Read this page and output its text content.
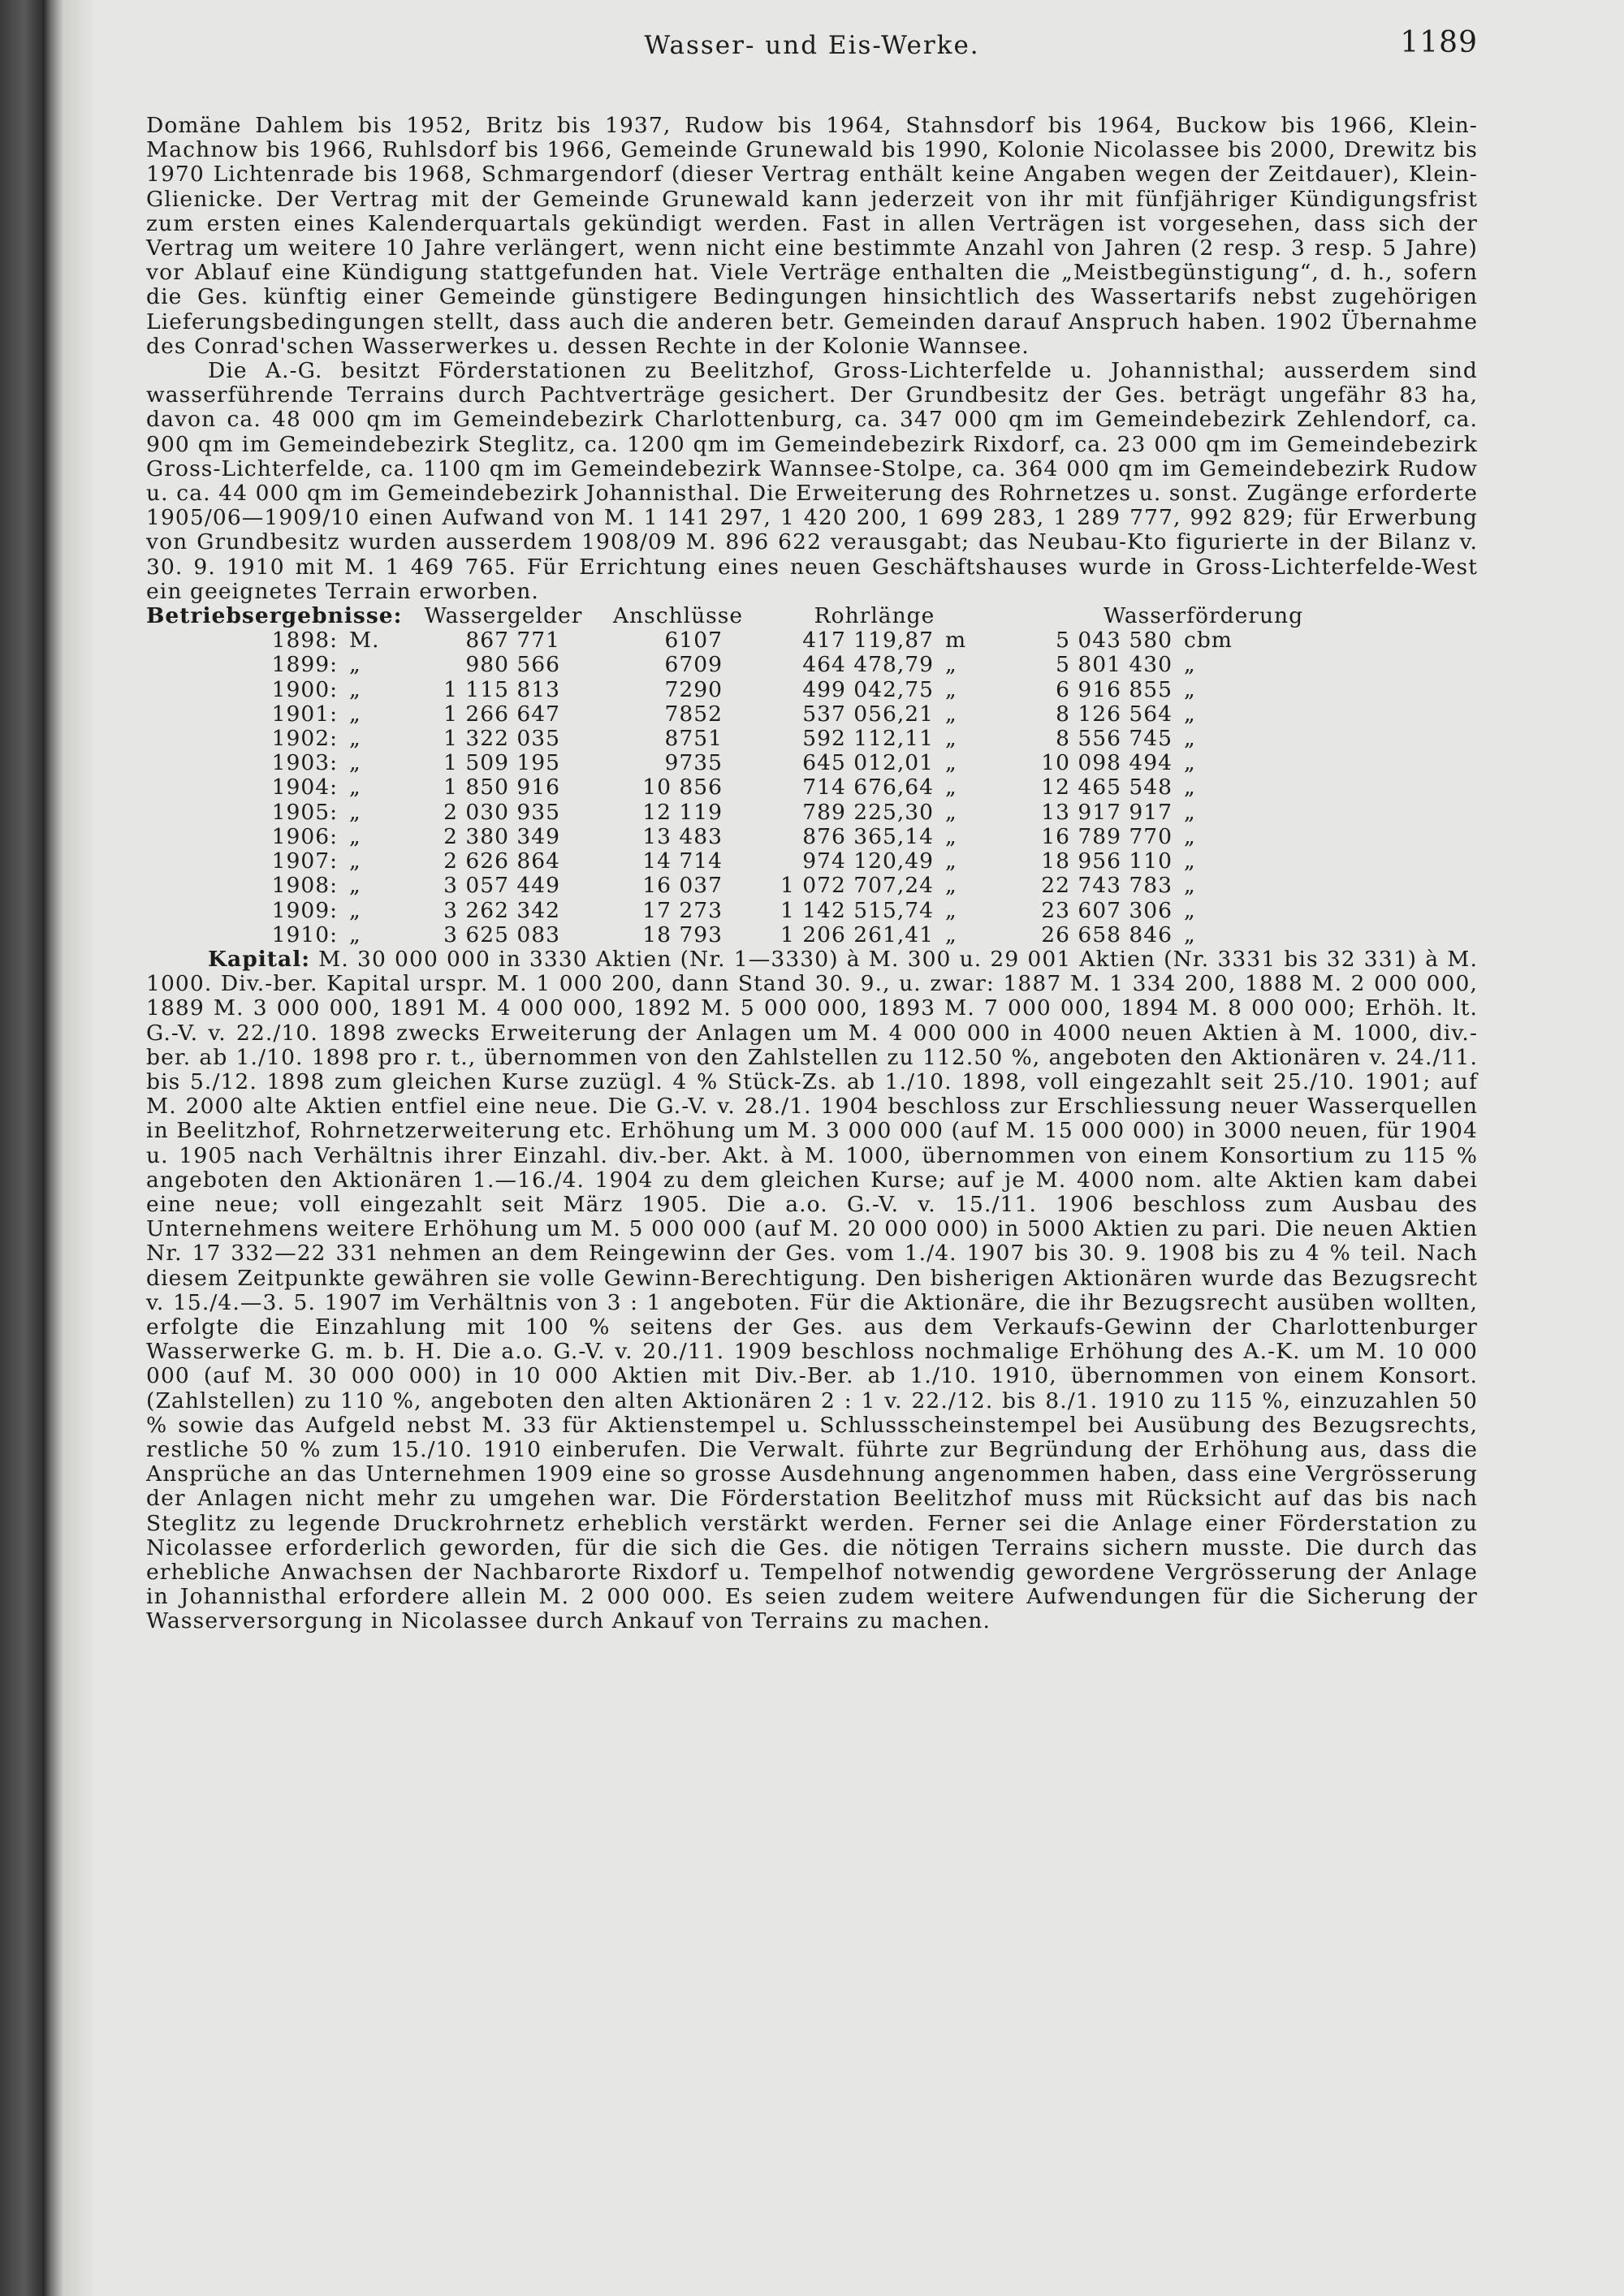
Wasser- und Eis-Werke.	1189

Domäne Dahlem bis 1952, Britz bis 1937, Rudow bis 1964, Stahnsdorf bis 1964, Buckow bis 1966, Klein-Machnow bis 1966, Ruhlsdorf bis 1966, Gemeinde Grunewald bis 1990, Kolonie Nicolassee bis 2000, Drewitz bis 1970 Lichtenrade bis 1968, Schmargendorf (dieser Vertrag enthält keine Angaben wegen der Zeitdauer), Klein-Glienicke. Der Vertrag mit der Gemeinde Grunewald kann jederzeit von ihr mit fünfjähriger Kündigungsfrist zum ersten eines Kalenderquartals gekündigt werden. Fast in allen Verträgen ist vorgesehen, dass sich der Vertrag um weitere 10 Jahre verlängert, wenn nicht eine bestimmte Anzahl von Jahren (2 resp. 3 resp. 5 Jahre) vor Ablauf eine Kündigung stattgefunden hat. Viele Verträge enthalten die „Meistbegünstigung“, d. h., sofern die Ges. künftig einer Gemeinde günstigere Bedingungen hinsichtlich des Wassertarifs nebst zugehörigen Lieferungsbedingungen stellt, dass auch die anderen betr. Gemeinden darauf Anspruch haben. 1902 Übernahme des Conrad'schen Wasserwerkes u. dessen Rechte in der Kolonie Wannsee.

Die A.-G. besitzt Förderstationen zu Beelitzhof, Gross-Lichterfelde u. Johannisthal; ausserdem sind wasserführende Terrains durch Pachtverträge gesichert. Der Grundbesitz der Ges. beträgt ungefähr 83 ha, davon ca. 48 000 qm im Gemeindebezirk Charlottenburg, ca. 347 000 qm im Gemeindebezirk Zehlendorf, ca. 900 qm im Gemeindebezirk Steglitz, ca. 1200 qm im Gemeindebezirk Rixdorf, ca. 23 000 qm im Gemeindebezirk Gross-Lichterfelde, ca. 1100 qm im Gemeindebezirk Wannsee-Stolpe, ca. 364 000 qm im Gemeindebezirk Rudow u. ca. 44 000 qm im Gemeindebezirk Johannisthal. Die Erweiterung des Rohrnetzes u. sonst. Zugänge erforderte 1905/06—1909/10 einen Aufwand von M. 1 141 297, 1 420 200, 1 699 283, 1 289 777, 992 829; für Erwerbung von Grundbesitz wurden ausserdem 1908/09 M. 896 622 verausgabt; das Neubau-Kto figurierte in der Bilanz v. 30. 9. 1910 mit M. 1 469 765. Für Errichtung eines neuen Geschäftshauses wurde in Gross-Lichterfelde-West ein geeignetes Terrain erworben.

Betriebsergebnisse:		Wassergelder	Anschlüsse	Rohrlänge		Wasserförderung	
1898:	M.	867 771	6107	417 119,87	m	5 043 580	cbm
1899:	„	980 566	6709	464 478,79	„	5 801 430	„
1900:	„	1 115 813	7290	499 042,75	„	6 916 855	„
1901:	„	1 266 647	7852	537 056,21	„	8 126 564	„
1902:	„	1 322 035	8751	592 112,11	„	8 556 745	„
1903:	„	1 509 195	9735	645 012,01	„	10 098 494	„
1904:	„	1 850 916	10 856	714 676,64	„	12 465 548	„
1905:	„	2 030 935	12 119	789 225,30	„	13 917 917	„
1906:	„	2 380 349	13 483	876 365,14	„	16 789 770	„
1907:	„	2 626 864	14 714	974 120,49	„	18 956 110	„
1908:	„	3 057 449	16 037	1 072 707,24	„	22 743 783	„
1909:	„	3 262 342	17 273	1 142 515,74	„	23 607 306	„
1910:	„	3 625 083	18 793	1 206 261,41	„	26 658 846	„

Kapital: M. 30 000 000 in 3330 Aktien (Nr. 1—3330) à M. 300 u. 29 001 Aktien (Nr. 3331 bis 32 331) à M. 1000. Div.-ber. Kapital urspr. M. 1 000 200, dann Stand 30. 9., u. zwar: 1887 M. 1 334 200, 1888 M. 2 000 000, 1889 M. 3 000 000, 1891 M. 4 000 000, 1892 M. 5 000 000, 1893 M. 7 000 000, 1894 M. 8 000 000; Erhöh. lt. G.-V. v. 22./10. 1898 zwecks Erweiterung der Anlagen um M. 4 000 000 in 4000 neuen Aktien à M. 1000, div.-ber. ab 1./10. 1898 pro r. t., übernommen von den Zahlstellen zu 112.50 %, angeboten den Aktionären v. 24./11. bis 5./12. 1898 zum gleichen Kurse zuzügl. 4 % Stück-Zs. ab 1./10. 1898, voll eingezahlt seit 25./10. 1901; auf M. 2000 alte Aktien entfiel eine neue. Die G.-V. v. 28./1. 1904 beschloss zur Erschliessung neuer Wasserquellen in Beelitzhof, Rohrnetzerweiterung etc. Erhöhung um M. 3 000 000 (auf M. 15 000 000) in 3000 neuen, für 1904 u. 1905 nach Verhältnis ihrer Einzahl. div.-ber. Akt. à M. 1000, übernommen von einem Konsortium zu 115 % angeboten den Aktionären 1.—16./4. 1904 zu dem gleichen Kurse; auf je M. 4000 nom. alte Aktien kam dabei eine neue; voll eingezahlt seit März 1905. Die a.o. G.-V. v. 15./11. 1906 beschloss zum Ausbau des Unternehmens weitere Erhöhung um M. 5 000 000 (auf M. 20 000 000) in 5000 Aktien zu pari. Die neuen Aktien Nr. 17 332—22 331 nehmen an dem Reingewinn der Ges. vom 1./4. 1907 bis 30. 9. 1908 bis zu 4 % teil. Nach diesem Zeitpunkte gewähren sie volle Gewinn-Berechtigung. Den bisherigen Aktionären wurde das Bezugsrecht v. 15./4.—3. 5. 1907 im Verhältnis von 3 : 1 angeboten. Für die Aktionäre, die ihr Bezugsrecht ausüben wollten, erfolgte die Einzahlung mit 100 % seitens der Ges. aus dem Verkaufs-Gewinn der Charlottenburger Wasserwerke G. m. b. H. Die a.o. G.-V. v. 20./11. 1909 beschloss nochmalige Erhöhung des A.-K. um M. 10 000 000 (auf M. 30 000 000) in 10 000 Aktien mit Div.-Ber. ab 1./10. 1910, übernommen von einem Konsort. (Zahlstellen) zu 110 %, angeboten den alten Aktionären 2 : 1 v. 22./12. bis 8./1. 1910 zu 115 %, einzuzahlen 50 % sowie das Aufgeld nebst M. 33 für Aktienstempel u. Schlussscheinstempel bei Ausübung des Bezugsrechts, restliche 50 % zum 15./10. 1910 einberufen. Die Verwalt. führte zur Begründung der Erhöhung aus, dass die Ansprüche an das Unternehmen 1909 eine so grosse Ausdehnung angenommen haben, dass eine Vergrösserung der Anlagen nicht mehr zu umgehen war. Die Förderstation Beelitzhof muss mit Rücksicht auf das bis nach Steglitz zu legende Druckrohrnetz erheblich verstärkt werden. Ferner sei die Anlage einer Förderstation zu Nicolassee erforderlich geworden, für die sich die Ges. die nötigen Terrains sichern musste. Die durch das erhebliche Anwachsen der Nachbarorte Rixdorf u. Tempelhof notwendig gewordene Vergrösserung der Anlage in Johannisthal erfordere allein M. 2 000 000. Es seien zudem weitere Aufwendungen für die Sicherung der Wasserversorgung in Nicolassee durch Ankauf von Terrains zu machen.
